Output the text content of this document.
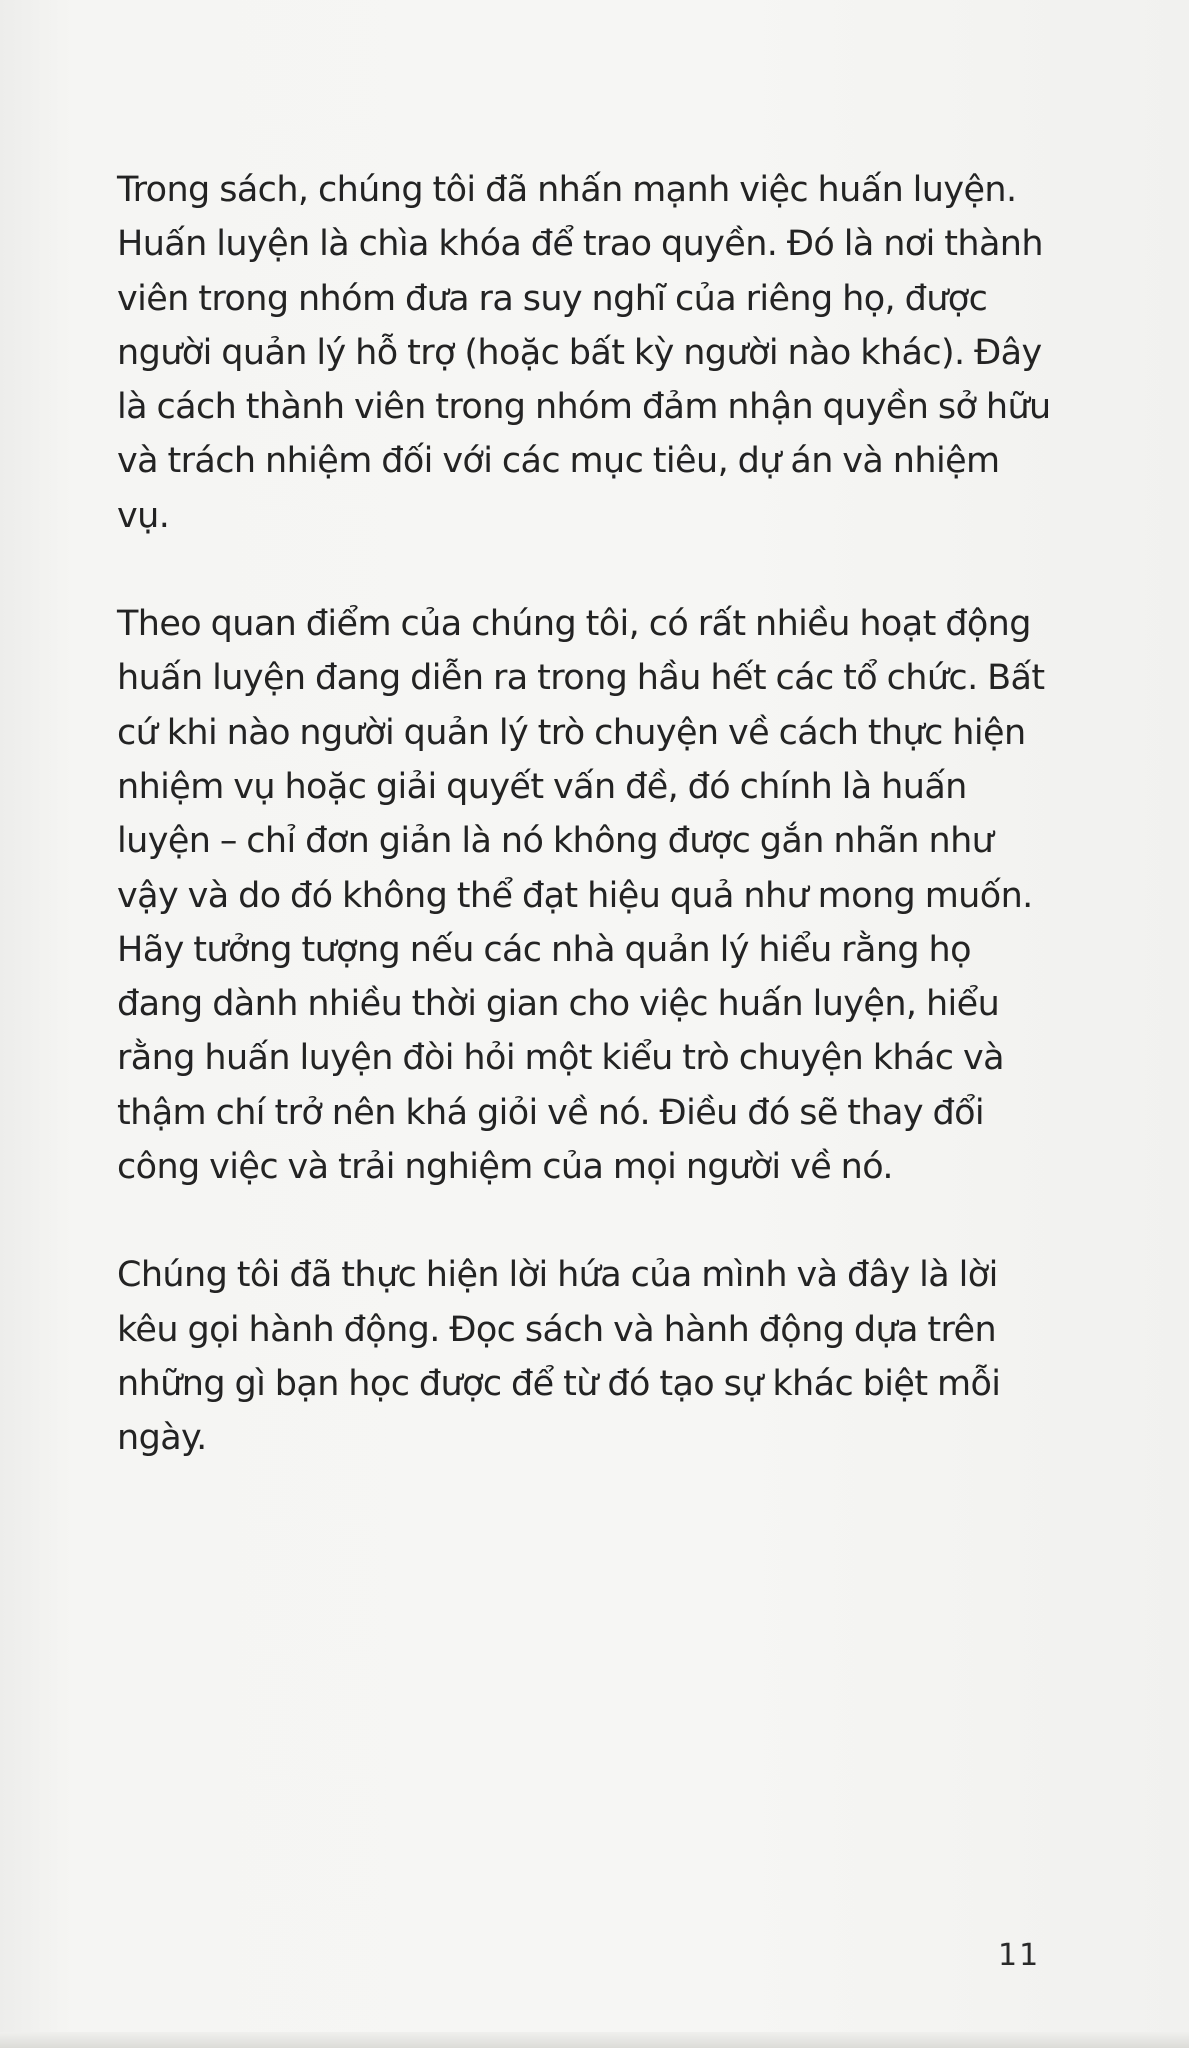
Trong sách, chúng tôi đã nhấn mạnh việc huấn luyện. Huấn luyện là chìa khóa để trao quyền. Đó là nơi thành viên trong nhóm đưa ra suy nghĩ của riêng họ, được người quản lý hỗ trợ (hoặc bất kỳ người nào khác). Đây là cách thành viên trong nhóm đảm nhận quyền sở hữu và trách nhiệm đối với các mục tiêu, dự án và nhiệm vụ.

Theo quan điểm của chúng tôi, có rất nhiều hoạt động huấn luyện đang diễn ra trong hầu hết các tổ chức. Bất cứ khi nào người quản lý trò chuyện về cách thực hiện nhiệm vụ hoặc giải quyết vấn đề, đó chính là huấn luyện – chỉ đơn giản là nó không được gắn nhãn như vậy và do đó không thể đạt hiệu quả như mong muốn. Hãy tưởng tượng nếu các nhà quản lý hiểu rằng họ đang dành nhiều thời gian cho việc huấn luyện, hiểu rằng huấn luyện đòi hỏi một kiểu trò chuyện khác và thậm chí trở nên khá giỏi về nó. Điều đó sẽ thay đổi công việc và trải nghiệm của mọi người về nó.

Chúng tôi đã thực hiện lời hứa của mình và đây là lời kêu gọi hành động. Đọc sách và hành động dựa trên những gì bạn học được để từ đó tạo sự khác biệt mỗi ngày.

11
